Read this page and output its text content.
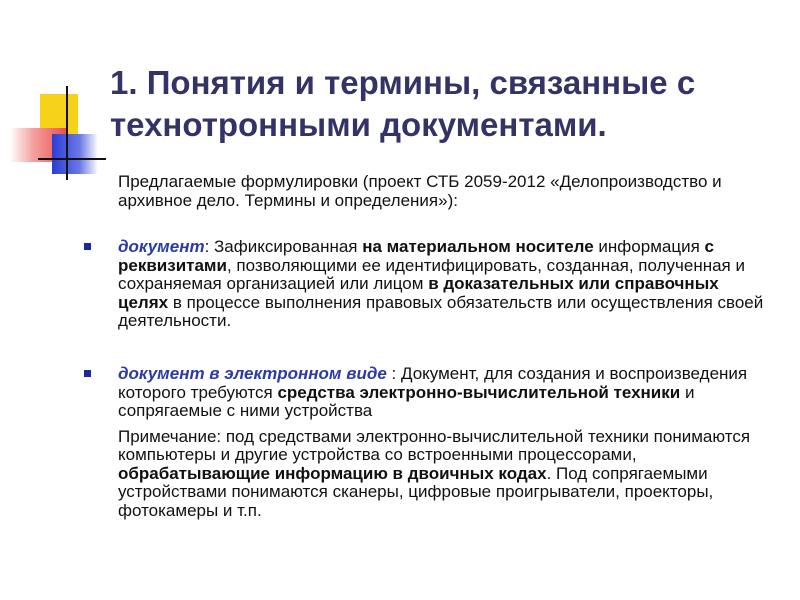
1. Понятия и термины, связанные с технотронными документами.
Предлагаемые формулировки (проект СТБ 2059-2012 «Делопроизводство и архивное дело. Термины и определения»):
документ: Зафиксированная на материальном носителе информация с реквизитами, позволяющими ее идентифицировать, созданная, полученная и сохраняемая организацией или лицом в доказательных или справочных целях в процессе выполнения правовых обязательств или осуществления своей деятельности.
документ в электронном виде : Документ, для создания и воспроизведения которого требуются средства электронно-вычислительной техники и сопрягаемые с ними устройства
Примечание: под средствами электронно-вычислительной техники понимаются компьютеры и другие устройства со встроенными процессорами, обрабатывающие информацию в двоичных кодах. Под сопрягаемыми устройствами понимаются сканеры, цифровые проигрыватели, проекторы, фотокамеры и т.п.
